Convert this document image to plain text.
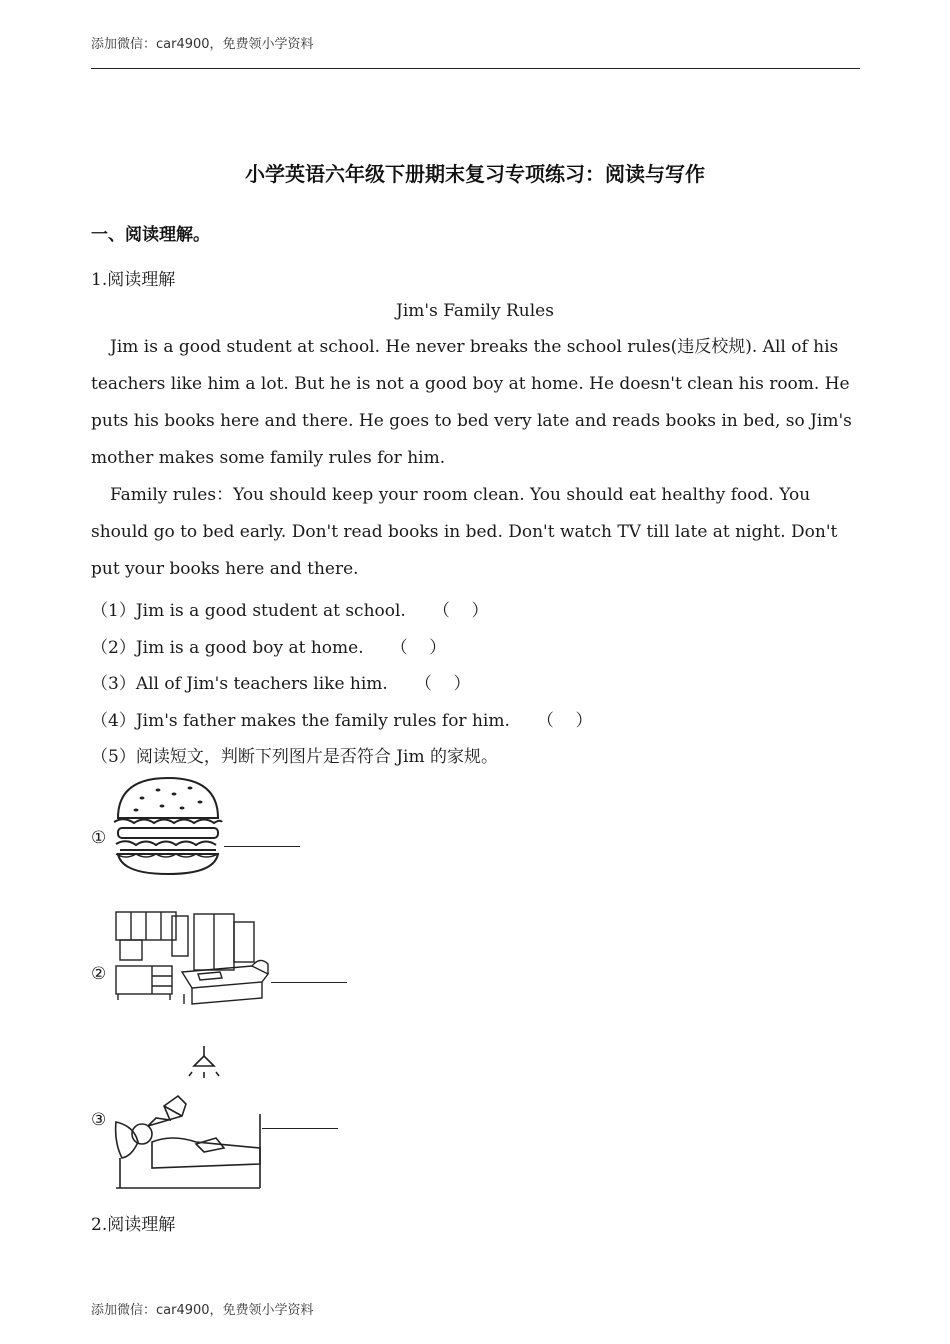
添加微信：car4900，免费领小学资料
小学英语六年级下册期末复习专项练习：阅读与写作
一、阅读理解。
1.阅读理解
Jim's Family Rules

Jim is a good student at school. He never breaks the school rules(违反校规). All of his teachers like him a lot. But he is not a good boy at home. He doesn't clean his room. He puts his books here and there. He goes to bed very late and reads books in bed, so Jim's mother makes some family rules for him.

Family rules：You should keep your room clean. You should eat healthy food. You should go to bed early. Don't read books in bed. Don't watch TV till late at night. Don't put your books here and there.

（1）Jim is a good student at school.     （    ）
（2）Jim is a good boy at home.     （    ）
（3）All of Jim's teachers like him.     （    ）
（4）Jim's father makes the family rules for him.     （    ）
（5）阅读短文，判断下列图片是否符合 Jim 的家规。
①
②
③
2.阅读理解
添加微信：car4900，免费领小学资料
